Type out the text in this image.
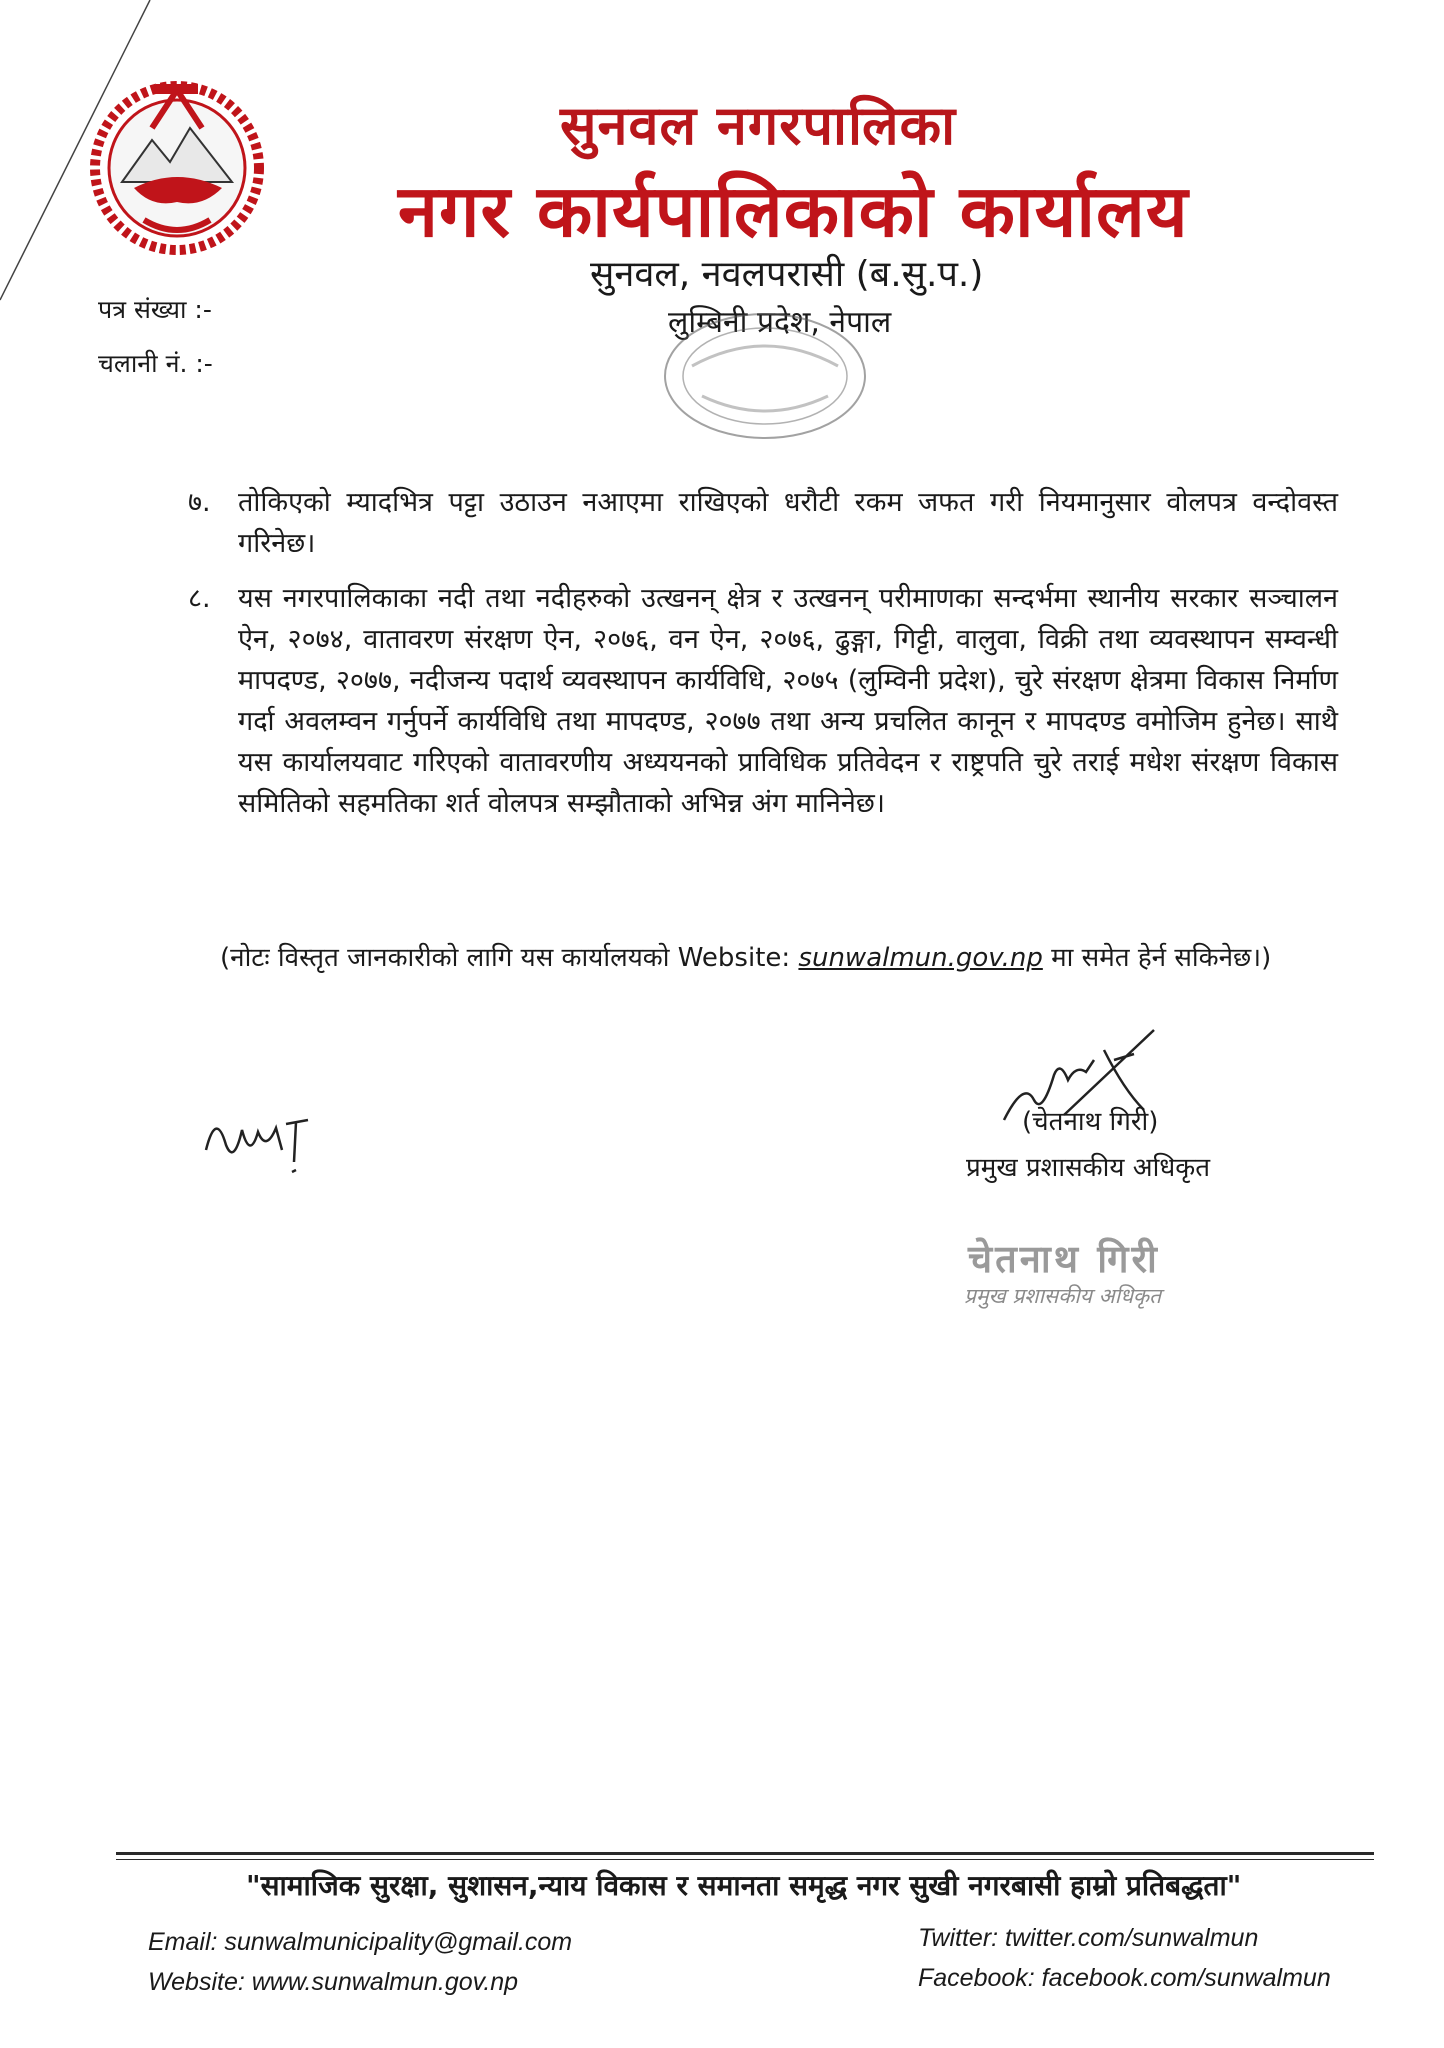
सुनवल नगरपालिका
नगर कार्यपालिकाको कार्यालय
सुनवल, नवलपरासी (ब.सु.प.)
लुम्बिनी प्रदेश, नेपाल
पत्र संख्या :-
चलानी नं. :-
७. तोकिएको म्यादभित्र पट्टा उठाउन नआएमा राखिएको धरौटी रकम जफत गरी नियमानुसार वोलपत्र वन्दोवस्त गरिनेछ।
८. यस नगरपालिकाका नदी तथा नदीहरुको उत्खनन् क्षेत्र र उत्खनन् परीमाणका सन्दर्भमा स्थानीय सरकार सञ्चालन ऐन, २०७४, वातावरण संरक्षण ऐन, २०७६, वन ऐन, २०७६, ढुङ्गा, गिट्टी, वालुवा, विक्री तथा व्यवस्थापन सम्वन्धी मापदण्ड, २०७७, नदीजन्य पदार्थ व्यवस्थापन कार्यविधि, २०७५ (लुम्विनी प्रदेश), चुरे संरक्षण क्षेत्रमा विकास निर्माण गर्दा अवलम्वन गर्नुपर्ने कार्यविधि तथा मापदण्ड, २०७७ तथा अन्य प्रचलित कानून र मापदण्ड वमोजिम हुनेछ। साथै यस कार्यालयवाट गरिएको वातावरणीय अध्ययनको प्राविधिक प्रतिवेदन र राष्ट्रपति चुरे तराई मधेश संरक्षण विकास समितिको सहमतिका शर्त वोलपत्र सम्झौताको अभिन्न अंग मानिनेछ।
(नोटः विस्तृत जानकारीको लागि यस कार्यालयको Website: sunwalmun.gov.np मा समेत हेर्न सकिनेछ।)
(चेतनाथ गिरी)
प्रमुख प्रशासकीय अधिकृत
चेतनाथ गिरी
प्रमुख प्रशासकीय अधिकृत
"सामाजिक सुरक्षा, सुशासन,न्याय विकास र समानता समृद्ध नगर सुखी नगरबासी हाम्रो प्रतिबद्धता"
Email: sunwalmunicipality@gmail.com
Website: www.sunwalmun.gov.np
Twitter: twitter.com/sunwalmun
Facebook: facebook.com/sunwalmun
